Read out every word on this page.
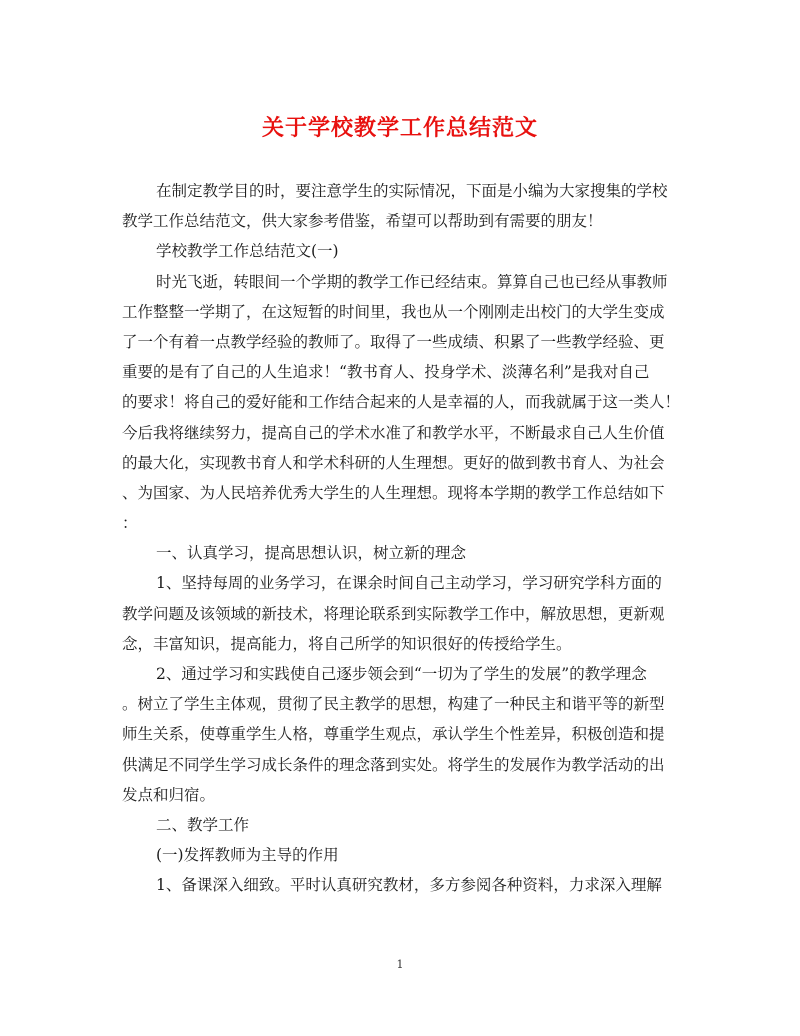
关于学校教学工作总结范文
在制定教学目的时，要注意学生的实际情况，下面是小编为大家搜集的学校
教学工作总结范文，供大家参考借鉴，希望可以帮助到有需要的朋友！
学校教学工作总结范文(一)
时光飞逝，转眼间一个学期的教学工作已经结束。算算自己也已经从事教师
工作整整一学期了，在这短暂的时间里，我也从一个刚刚走出校门的大学生变成
了一个有着一点教学经验的教师了。取得了一些成绩、积累了一些教学经验、更
重要的是有了自己的人生追求！“教书育人、投身学术、淡薄名利”是我对自己
的要求！将自己的爱好能和工作结合起来的人是幸福的人，而我就属于这一类人！
今后我将继续努力，提高自己的学术水准了和教学水平，不断最求自己人生价值
的最大化，实现教书育人和学术科研的人生理想。更好的做到教书育人、为社会
、为国家、为人民培养优秀大学生的人生理想。现将本学期的教学工作总结如下
：
一、认真学习，提高思想认识，树立新的理念
1、坚持每周的业务学习，在课余时间自己主动学习，学习研究学科方面的
教学问题及该领域的新技术，将理论联系到实际教学工作中，解放思想，更新观
念，丰富知识，提高能力，将自己所学的知识很好的传授给学生。
2、通过学习和实践使自己逐步领会到“一切为了学生的发展”的教学理念
。树立了学生主体观，贯彻了民主教学的思想，构建了一种民主和谐平等的新型
师生关系，使尊重学生人格，尊重学生观点，承认学生个性差异，积极创造和提
供满足不同学生学习成长条件的理念落到实处。将学生的发展作为教学活动的出
发点和归宿。
二、教学工作
(一)发挥教师为主导的作用
1、备课深入细致。平时认真研究教材，多方参阅各种资料，力求深入理解
1
